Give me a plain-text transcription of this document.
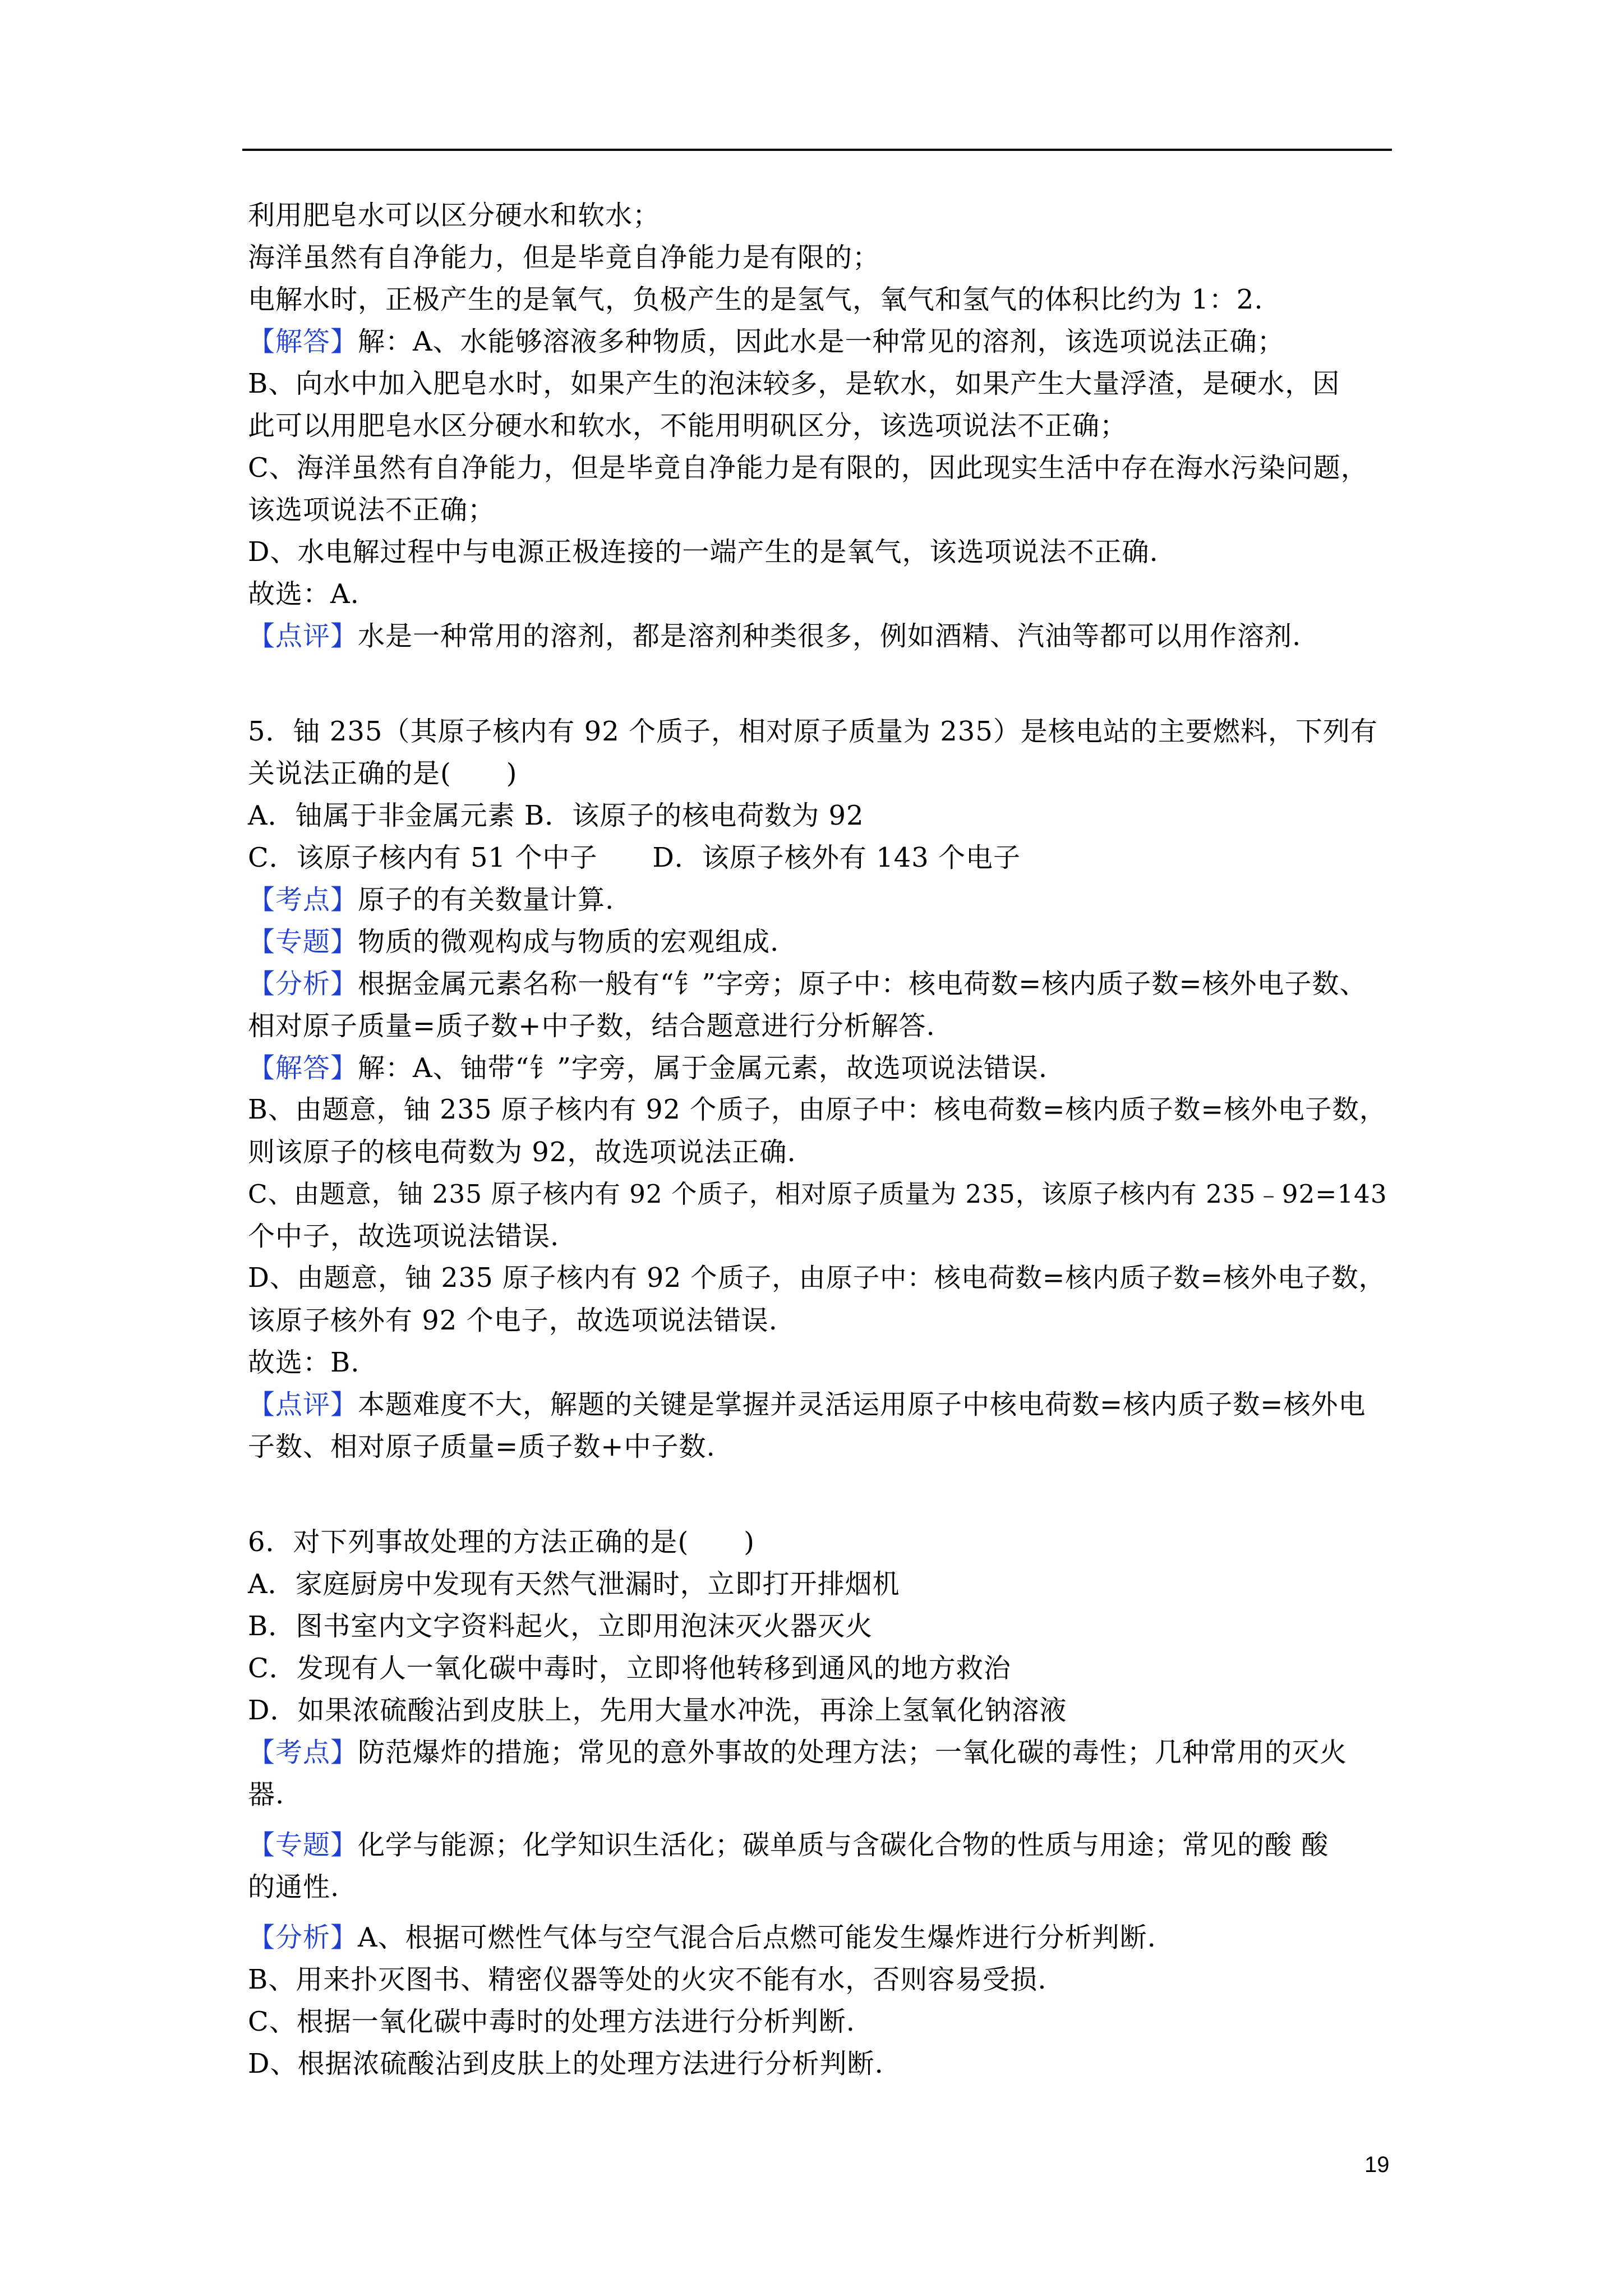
利用肥皂水可以区分硬水和软水；
海洋虽然有自净能力，但是毕竟自净能力是有限的；
电解水时，正极产生的是氧气，负极产生的是氢气，氧气和氢气的体积比约为 1：2.
【解答】解：A、水能够溶液多种物质，因此水是一种常见的溶剂，该选项说法正确；
B、向水中加入肥皂水时，如果产生的泡沫较多，是软水，如果产生大量浮渣，是硬水，因
此可以用肥皂水区分硬水和软水，不能用明矾区分，该选项说法不正确；
C、海洋虽然有自净能力，但是毕竟自净能力是有限的，因此现实生活中存在海水污染问题，
该选项说法不正确；
D、水电解过程中与电源正极连接的一端产生的是氧气，该选项说法不正确.
故选：A.
【点评】水是一种常用的溶剂，都是溶剂种类很多，例如酒精、汽油等都可以用作溶剂.
5．铀 235（其原子核内有 92 个质子，相对原子质量为 235）是核电站的主要燃料，下列有
关说法正确的是(　　)
A．铀属于非金属元素 B．该原子的核电荷数为 92
C．该原子核内有 51 个中子　　D．该原子核外有 143 个电子
【考点】原子的有关数量计算.
【专题】物质的微观构成与物质的宏观组成.
【分析】根据金属元素名称一般有“钅”字旁；原子中：核电荷数=核内质子数=核外电子数、
相对原子质量=质子数+中子数，结合题意进行分析解答.
【解答】解：A、铀带“钅”字旁，属于金属元素，故选项说法错误.
B、由题意，铀 235 原子核内有 92 个质子，由原子中：核电荷数=核内质子数=核外电子数，
则该原子的核电荷数为 92，故选项说法正确.
C、由题意，铀 235 原子核内有 92 个质子，相对原子质量为 235，该原子核内有 235﹣92=143
个中子，故选项说法错误.
D、由题意，铀 235 原子核内有 92 个质子，由原子中：核电荷数=核内质子数=核外电子数，
该原子核外有 92 个电子，故选项说法错误.
故选：B.
【点评】本题难度不大，解题的关键是掌握并灵活运用原子中核电荷数=核内质子数=核外电
子数、相对原子质量=质子数+中子数.
6．对下列事故处理的方法正确的是(　　)
A．家庭厨房中发现有天然气泄漏时，立即打开排烟机
B．图书室内文字资料起火，立即用泡沫灭火器灭火
C．发现有人一氧化碳中毒时，立即将他转移到通风的地方救治
D．如果浓硫酸沾到皮肤上，先用大量水冲洗，再涂上氢氧化钠溶液
【考点】防范爆炸的措施；常见的意外事故的处理方法；一氧化碳的毒性；几种常用的灭火
器.
【专题】化学与能源；化学知识生活化；碳单质与含碳化合物的性质与用途；常见的酸 酸
的通性.
【分析】A、根据可燃性气体与空气混合后点燃可能发生爆炸进行分析判断.
B、用来扑灭图书、精密仪器等处的火灾不能有水，否则容易受损.
C、根据一氧化碳中毒时的处理方法进行分析判断.
D、根据浓硫酸沾到皮肤上的处理方法进行分析判断.
19
